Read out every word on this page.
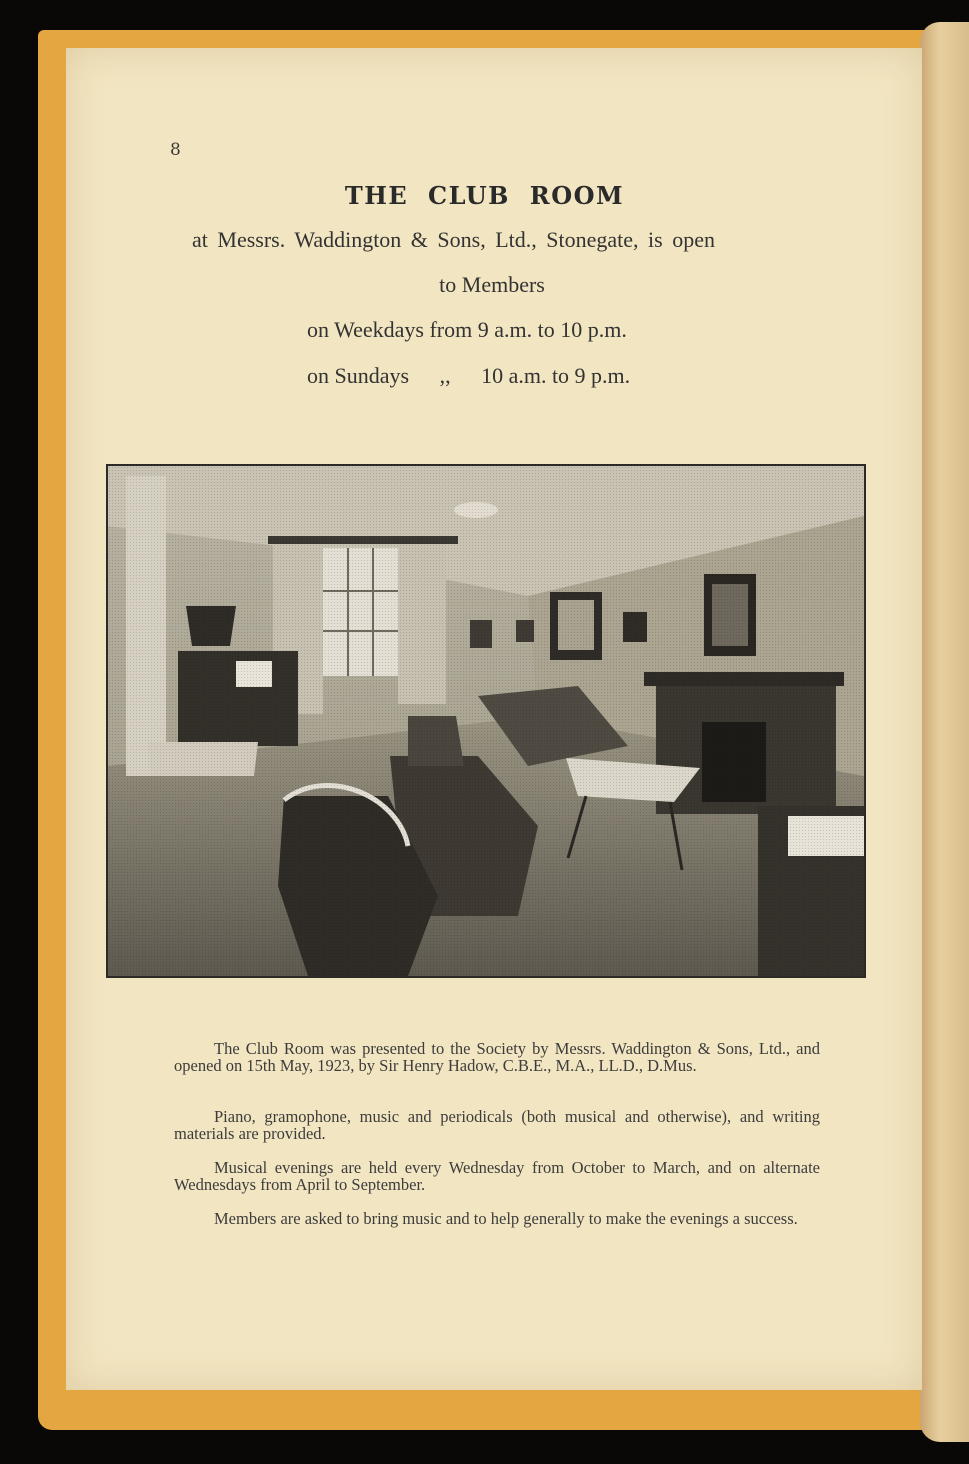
8
THE CLUB ROOM
at Messrs. Waddington & Sons, Ltd., Stonegate, is open
to Members
on Weekdays from 9 a.m. to 10 p.m.
on Sundays ,, 10 a.m. to 9 p.m.

The Club Room was presented to the Society by Messrs. Waddington & Sons, Ltd., and opened on 15th May, 1923, by Sir Henry Hadow, C.B.E., M.A., LL.D., D.Mus.

Piano, gramophone, music and periodicals (both musical and otherwise), and writing materials are provided.

Musical evenings are held every Wednesday from October to March, and on alternate Wednesdays from April to September.

Members are asked to bring music and to help generally to make the evenings a success.
